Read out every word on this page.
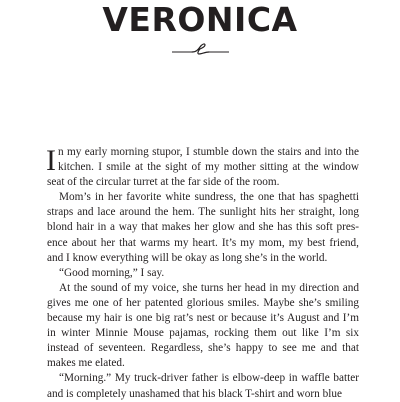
VERONICA

In my early morning stupor, I stumble down the stairs and into the kitchen. I smile at the sight of my mother sitting at the window seat of the circular turret at the far side of the room.

Mom’s in her favorite white sundress, the one that has spaghetti straps and lace around the hem. The sunlight hits her straight, long blond hair in a way that makes her glow and she has this soft presence about her that warms my heart. It’s my mom, my best friend, and I know everything will be okay as long she’s in the world.

“Good morning,” I say.

At the sound of my voice, she turns her head in my direction and gives me one of her patented glorious smiles. Maybe she’s smiling because my hair is one big rat’s nest or because it’s August and I’m in winter Minnie Mouse pajamas, rocking them out like I’m six instead of seventeen. Regardless, she’s happy to see me and that makes me elated.

“Morning.” My truck-driver father is elbow-deep in waffle batter and is completely unashamed that his black T-shirt and worn blue
